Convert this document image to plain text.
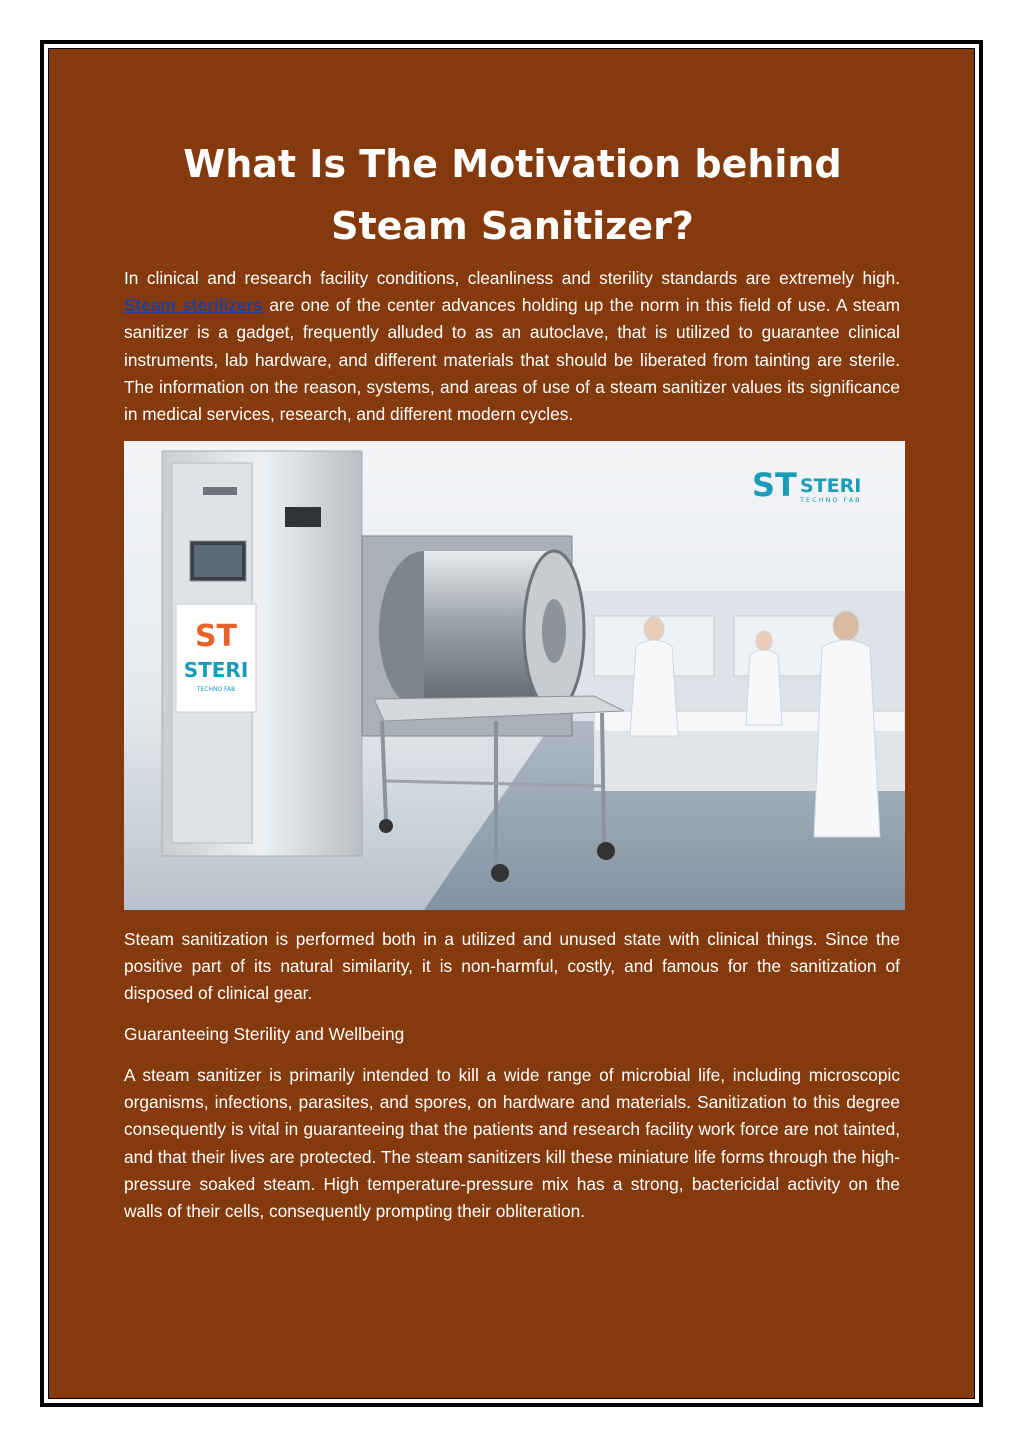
What Is The Motivation behind Steam Sanitizer?

In clinical and research facility conditions, cleanliness and sterility standards are extremely high. Steam sterilizers are one of the center advances holding up the norm in this field of use. A steam sanitizer is a gadget, frequently alluded to as an autoclave, that is utilized to guarantee clinical instruments, lab hardware, and different materials that should be liberated from tainting are sterile. The information on the reason, systems, and areas of use of a steam sanitizer values its significance in medical services, research, and different modern cycles.

ST
STERI
TECHNO FAB
ST STERI
TECHNO FAB

Steam sanitization is performed both in a utilized and unused state with clinical things. Since the positive part of its natural similarity, it is non-harmful, costly, and famous for the sanitization of disposed of clinical gear.

Guaranteeing Sterility and Wellbeing

A steam sanitizer is primarily intended to kill a wide range of microbial life, including microscopic organisms, infections, parasites, and spores, on hardware and materials. Sanitization to this degree consequently is vital in guaranteeing that the patients and research facility work force are not tainted, and that their lives are protected. The steam sanitizers kill these miniature life forms through the high-pressure soaked steam. High temperature-pressure mix has a strong, bactericidal activity on the walls of their cells, consequently prompting their obliteration.
